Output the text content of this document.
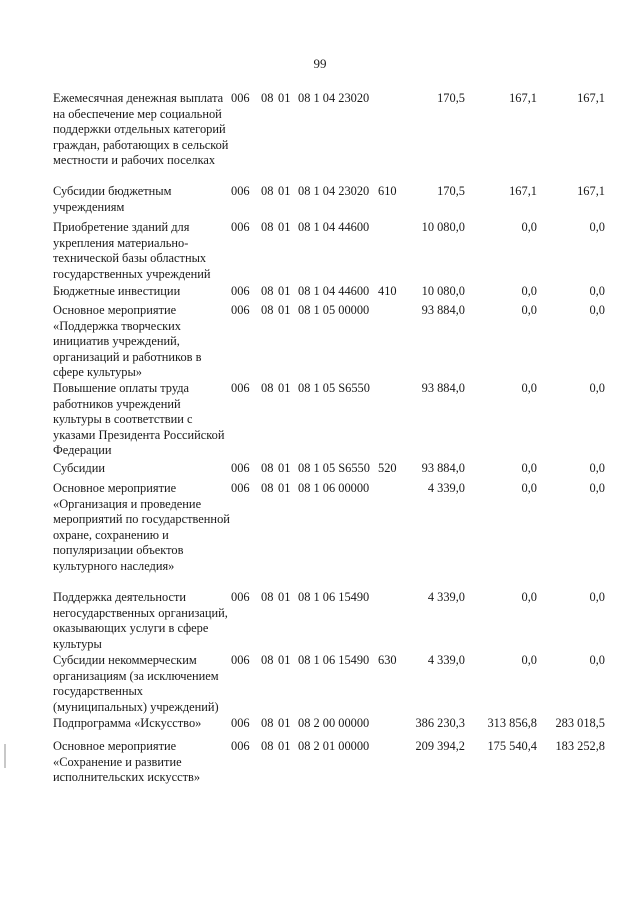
99
Ежемесячная денежная выплата на обеспечение мер социальной поддержки отдельных категорий граждан, работающих в сельской местности и рабочих поселках
006 08 01 08 1 04 23020	170,5	167,1	167,1
Субсидии бюджетным учреждениям
006 08 01 08 1 04 23020 610	170,5	167,1	167,1
Приобретение зданий для укрепления материально-технической базы областных государственных учреждений
006 08 01 08 1 04 44600	10 080,0	0,0	0,0
Бюджетные инвестиции	006 08 01 08 1 04 44600 410	10 080,0	0,0	0,0
Основное мероприятие «Поддержка творческих инициатив учреждений, организаций и работников в сфере культуры»
006 08 01 08 1 05 00000	93 884,0	0,0	0,0
Повышение оплаты труда работников учреждений культуры в соответствии с указами Президента Российской Федерации
006 08 01 08 1 05 S6550	93 884,0	0,0	0,0
Субсидии	006 08 01 08 1 05 S6550 520	93 884,0	0,0	0,0
Основное мероприятие «Организация и проведение мероприятий по государственной охране, сохранению и популяризации объектов культурного наследия»
006 08 01 08 1 06 00000	4 339,0	0,0	0,0
Поддержка деятельности негосударственных организаций, оказывающих услуги в сфере культуры
006 08 01 08 1 06 15490	4 339,0	0,0	0,0
Субсидии некоммерческим организациям (за исключением государственных (муниципальных) учреждений)
006 08 01 08 1 06 15490 630	4 339,0	0,0	0,0
Подпрограмма «Искусство»	006 08 01 08 2 00 00000	386 230,3	313 856,8	283 018,5
Основное мероприятие «Сохранение и развитие исполнительских искусств»
006 08 01 08 2 01 00000	209 394,2	175 540,4	183 252,8
